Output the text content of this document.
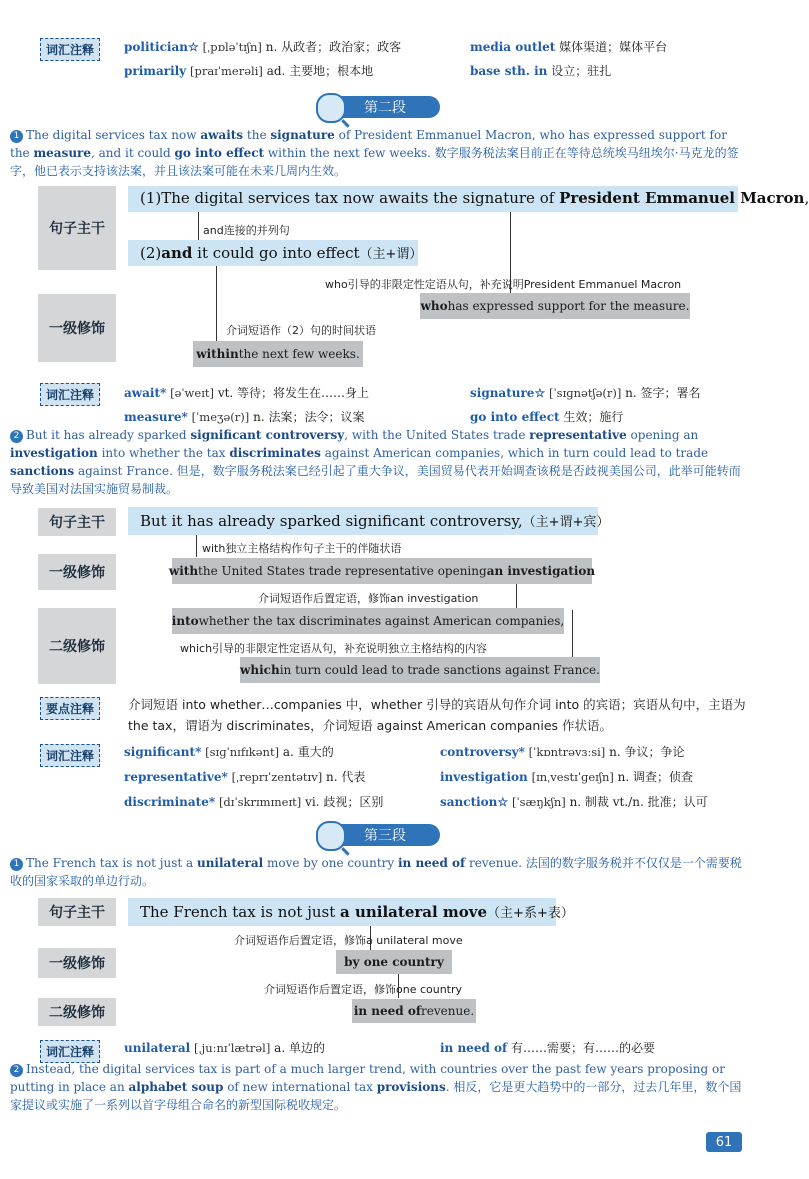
词汇注释	politician☆ [ˌpɒləˈtɪʃn] n. 从政者；政治家；政客	media outlet 媒体渠道；媒体平台
primarily [praɪˈmerəli] ad. 主要地；根本地	base sth. in 设立；驻扎
第二段
1 The digital services tax now awaits the signature of President Emmanuel Macron, who has expressed support for the measure, and it could go into effect within the next few weeks. 数字服务税法案目前正在等待总统埃马纽埃尔·马克龙的签字，他已表示支持该法案，并且该法案可能在未来几周内生效。
句子主干
一级修饰
(1)The digital services tax now awaits the signature of President Emmanuel Macron,
and连接的并列句
(2)and it could go into effect（主+谓）
who引导的非限定性定语从句，补充说明President Emmanuel Macron
who has expressed support for the measure.
介词短语作（2）句的时间状语
within the next few weeks.
词汇注释	await* [əˈweɪt] vt. 等待；将发生在……身上	signature☆ [ˈsɪɡnətʃə(r)] n. 签字；署名
measure* [ˈmeʒə(r)] n. 法案；法令；议案	go into effect 生效；施行
2 But it has already sparked significant controversy, with the United States trade representative opening an investigation into whether the tax discriminates against American companies, which in turn could lead to trade sanctions against France. 但是，数字服务税法案已经引起了重大争议，美国贸易代表开始调查该税是否歧视美国公司，此举可能转而导致美国对法国实施贸易制裁。
句子主干
一级修饰
二级修饰
But it has already sparked significant controversy,（主+谓+宾）
with独立主格结构作句子主干的伴随状语
with the United States trade representative opening an investigation
介词短语作后置定语，修饰an investigation
into whether the tax discriminates against American companies,
which引导的非限定性定语从句，补充说明独立主格结构的内容
which in turn could lead to trade sanctions against France.
要点注释	介词短语 into whether…companies 中，whether 引导的宾语从句作介词 into 的宾语；宾语从句中，主语为 the tax，谓语为 discriminates，介词短语 against American companies 作状语。
词汇注释	significant* [sɪɡˈnɪfɪkənt] a. 重大的	controversy* [ˈkɒntrəvɜːsi] n. 争议；争论
representative* [ˌreprɪˈzentətɪv] n. 代表	investigation [ɪnˌvestɪˈɡeɪʃn] n. 调查；侦查
discriminate* [dɪˈskrɪmɪneɪt] vi. 歧视；区别	sanction☆ [ˈsæŋkʃn] n. 制裁 vt./n. 批准；认可
第三段
1 The French tax is not just a unilateral move by one country in need of revenue. 法国的数字服务税并不仅仅是一个需要税收的国家采取的单边行动。
句子主干
一级修饰
二级修饰
The French tax is not just a unilateral move（主+系+表）
介词短语作后置定语，修饰a unilateral move
by one country
介词短语作后置定语，修饰one country
in need of revenue.
词汇注释	unilateral [ˌjuːnɪˈlætrəl] a. 单边的	in need of 有……需要；有……的必要
2 Instead, the digital services tax is part of a much larger trend, with countries over the past few years proposing or putting in place an alphabet soup of new international tax provisions. 相反，它是更大趋势中的一部分，过去几年里，数个国家提议或实施了一系列以首字母组合命名的新型国际税收规定。
61
